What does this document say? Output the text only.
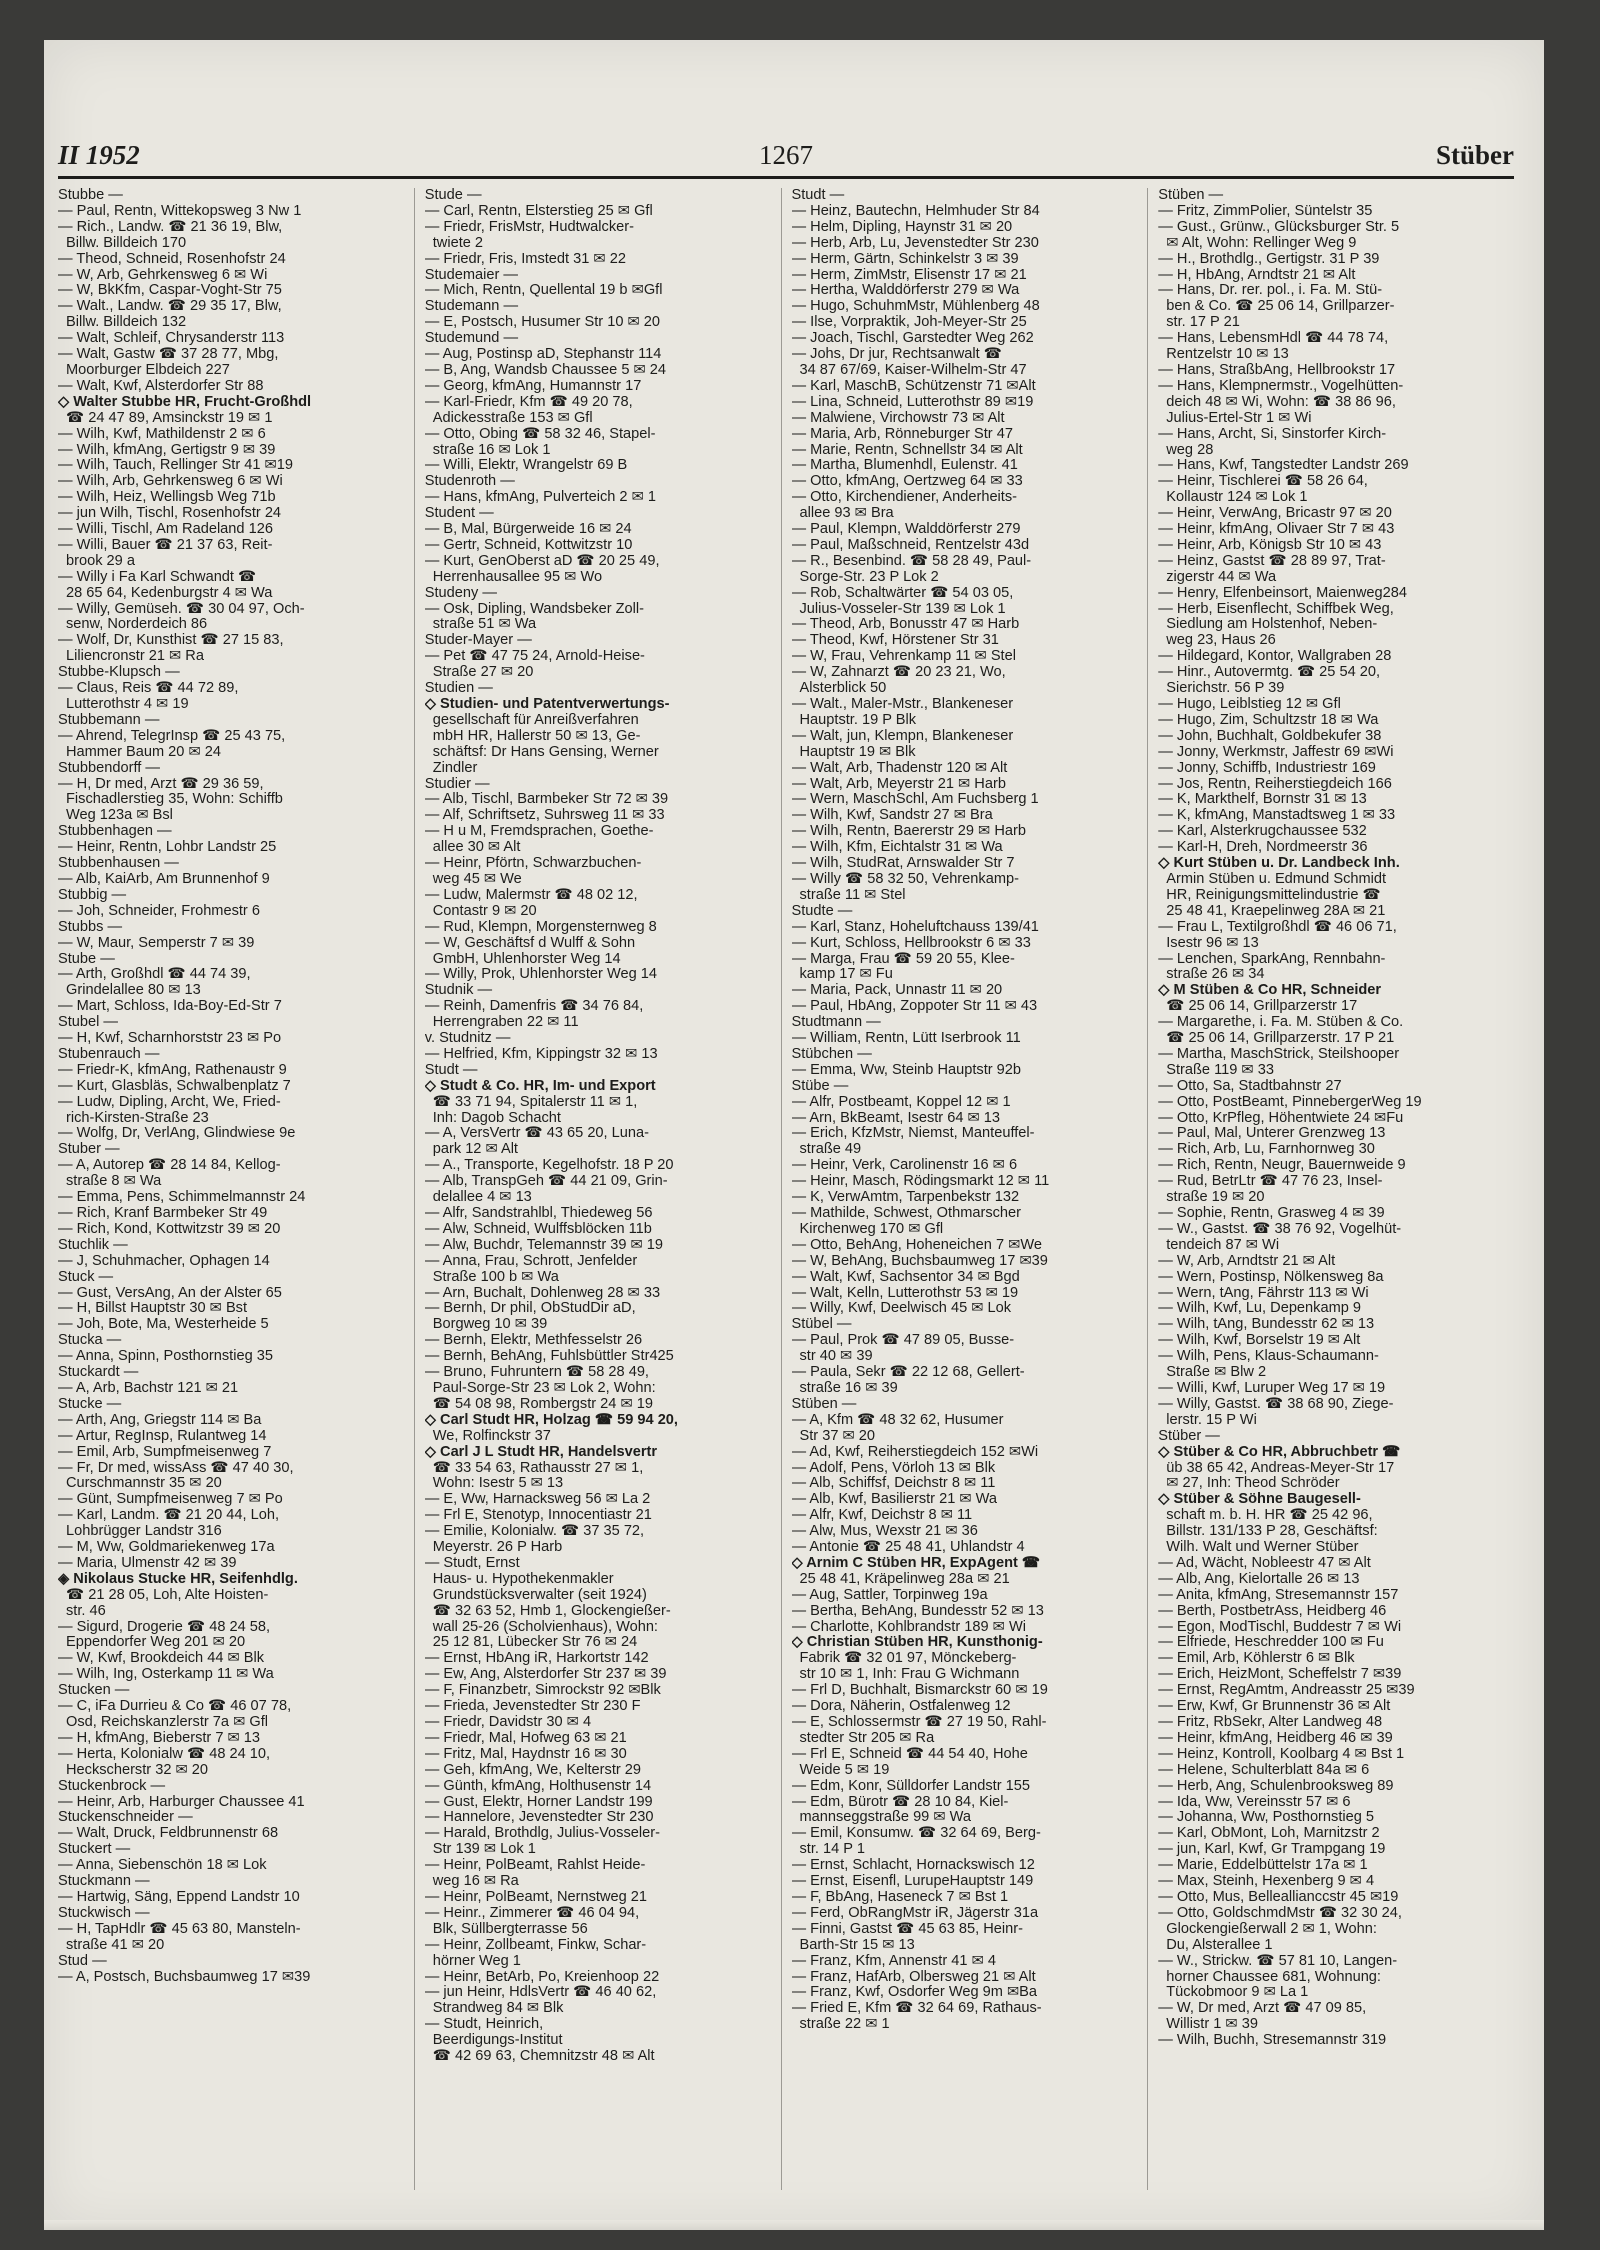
II 1952	1267	Stüber
Stubbe —
— Paul, Rentn, Wittekopsweg 3 Nw 1
— Rich., Landw. ☎ 21 36 19, Blw,
Billw. Billdeich 170
— Theod, Schneid, Rosenhofstr 24
— W, Arb, Gehrkensweg 6 ✉ Wi
— W, BkKfm, Caspar-Voght-Str 75
— Walt., Landw. ☎ 29 35 17, Blw,
Billw. Billdeich 132
— Walt, Schleif, Chrysanderstr 113
— Walt, Gastw ☎ 37 28 77, Mbg,
Moorburger Elbdeich 227
— Walt, Kwf, Alsterdorfer Str 88
◇ Walter Stubbe HR, Frucht-Großhdl
☎ 24 47 89, Amsinckstr 19 ✉ 1
— Wilh, Kwf, Mathildenstr 2 ✉ 6
— Wilh, kfmAng, Gertigstr 9 ✉ 39
— Wilh, Tauch, Rellinger Str 41 ✉19
— Wilh, Arb, Gehrkensweg 6 ✉ Wi
— Wilh, Heiz, Wellingsb Weg 71b
— jun Wilh, Tischl, Rosenhofstr 24
— Willi, Tischl, Am Radeland 126
— Willi, Bauer ☎ 21 37 63, Reit-
brook 29 a
— Willy i Fa Karl Schwandt ☎
28 65 64, Kedenburgstr 4 ✉ Wa
— Willy, Gemüseh. ☎ 30 04 97, Och-
senw, Norderdeich 86
— Wolf, Dr, Kunsthist ☎ 27 15 83,
Liliencronstr 21 ✉ Ra
Stubbe-Klupsch —
— Claus, Reis ☎ 44 72 89,
Lutterothstr 4 ✉ 19
Stubbemann —
— Ahrend, TelegrInsp ☎ 25 43 75,
Hammer Baum 20 ✉ 24
Stubbendorff —
— H, Dr med, Arzt ☎ 29 36 59,
Fischadlerstieg 35, Wohn: Schiffb
Weg 123a ✉ Bsl
Stubbenhagen —
— Heinr, Rentn, Lohbr Landstr 25
Stubbenhausen —
— Alb, KaiArb, Am Brunnenhof 9
Stubbig —
— Joh, Schneider, Frohmestr 6
Stubbs —
— W, Maur, Semperstr 7 ✉ 39
Stube —
— Arth, Großhdl ☎ 44 74 39,
Grindelallee 80 ✉ 13
— Mart, Schloss, Ida-Boy-Ed-Str 7
Stubel —
— H, Kwf, Scharnhorststr 23 ✉ Po
Stubenrauch —
— Friedr-K, kfmAng, Rathenaustr 9
— Kurt, Glasbläs, Schwalbenplatz 7
— Ludw, Dipling, Archt, We, Fried-
rich-Kirsten-Straße 23
— Wolfg, Dr, VerlAng, Glindwiese 9e
Stuber —
— A, Autorep ☎ 28 14 84, Kellog-
straße 8 ✉ Wa
— Emma, Pens, Schimmelmannstr 24
— Rich, Kranf Barmbeker Str 49
— Rich, Kond, Kottwitzstr 39 ✉ 20
Stuchlik —
— J, Schuhmacher, Ophagen 14
Stuck —
— Gust, VersAng, An der Alster 65
— H, Billst Hauptstr 30 ✉ Bst
— Joh, Bote, Ma, Westerheide 5
Stucka —
— Anna, Spinn, Posthornstieg 35
Stuckardt —
— A, Arb, Bachstr 121 ✉ 21
Stucke —
— Arth, Ang, Griegstr 114 ✉ Ba
— Artur, RegInsp, Rulantweg 14
— Emil, Arb, Sumpfmeisenweg 7
— Fr, Dr med, wissAss ☎ 47 40 30,
Curschmannstr 35 ✉ 20
— Günt, Sumpfmeisenweg 7 ✉ Po
— Karl, Landm. ☎ 21 20 44, Loh,
Lohbrügger Landstr 316
— M, Ww, Goldmariekenweg 17a
— Maria, Ulmenstr 42 ✉ 39
◈ Nikolaus Stucke HR, Seifenhdlg.
☎ 21 28 05, Loh, Alte Hoisten-
str. 46
— Sigurd, Drogerie ☎ 48 24 58,
Eppendorfer Weg 201 ✉ 20
— W, Kwf, Brookdeich 44 ✉ Blk
— Wilh, Ing, Osterkamp 11 ✉ Wa
Stucken —
— C, iFa Durrieu & Co ☎ 46 07 78,
Osd, Reichskanzlerstr 7a ✉ Gfl
— H, kfmAng, Bieberstr 7 ✉ 13
— Herta, Kolonialw ☎ 48 24 10,
Heckscherstr 32 ✉ 20
Stuckenbrock —
— Heinr, Arb, Harburger Chaussee 41
Stuckenschneider —
— Walt, Druck, Feldbrunnenstr 68
Stuckert —
— Anna, Siebenschön 18 ✉ Lok
Stuckmann —
— Hartwig, Säng, Eppend Landstr 10
Stuckwisch —
— H, TapHdlr ☎ 45 63 80, Mansteln-
straße 41 ✉ 20
Stud —
— A, Postsch, Buchsbaumweg 17 ✉39
Stude —
— Carl, Rentn, Elsterstieg 25 ✉ Gfl
— Friedr, FrisMstr, Hudtwalcker-
twiete 2
— Friedr, Fris, Imstedt 31 ✉ 22
Studemaier —
— Mich, Rentn, Quellental 19 b ✉Gfl
Studemann —
— E, Postsch, Husumer Str 10 ✉ 20
Studemund —
— Aug, Postinsp aD, Stephanstr 114
— B, Ang, Wandsb Chaussee 5 ✉ 24
— Georg, kfmAng, Humannstr 17
— Karl-Friedr, Kfm ☎ 49 20 78,
Adickesstraße 153 ✉ Gfl
— Otto, Obing ☎ 58 32 46, Stapel-
straße 16 ✉ Lok 1
— Willi, Elektr, Wrangelstr 69 B
Studenroth —
— Hans, kfmAng, Pulverteich 2 ✉ 1
Student —
— B, Mal, Bürgerweide 16 ✉ 24
— Gertr, Schneid, Kottwitzstr 10
— Kurt, GenOberst aD ☎ 20 25 49,
Herrenhausallee 95 ✉ Wo
Studeny —
— Osk, Dipling, Wandsbeker Zoll-
straße 51 ✉ Wa
Studer-Mayer —
— Pet ☎ 47 75 24, Arnold-Heise-
Straße 27 ✉ 20
Studien —
◇ Studien- und Patentverwertungs-
gesellschaft für Anreißverfahren
mbH HR, Hallerstr 50 ✉ 13, Ge-
schäftsf: Dr Hans Gensing, Werner
Zindler
Studier —
— Alb, Tischl, Barmbeker Str 72 ✉ 39
— Alf, Schriftsetz, Suhrsweg 11 ✉ 33
— H u M, Fremdsprachen, Goethe-
allee 30 ✉ Alt
— Heinr, Pförtn, Schwarzbuchen-
weg 45 ✉ We
— Ludw, Malermstr ☎ 48 02 12,
Contastr 9 ✉ 20
— Rud, Klempn, Morgensternweg 8
— W, Geschäftsf d Wulff & Sohn
GmbH, Uhlenhorster Weg 14
— Willy, Prok, Uhlenhorster Weg 14
Studnik —
— Reinh, Damenfris ☎ 34 76 84,
Herrengraben 22 ✉ 11
v. Studnitz —
— Helfried, Kfm, Kippingstr 32 ✉ 13
Studt —
◇ Studt & Co. HR, Im- und Export
☎ 33 71 94, Spitalerstr 11 ✉ 1,
Inh: Dagob Schacht
— A, VersVertr ☎ 43 65 20, Luna-
park 12 ✉ Alt
— A., Transporte, Kegelhofstr. 18 P 20
— Alb, TranspGeh ☎ 44 21 09, Grin-
delallee 4 ✉ 13
— Alfr, Sandstrahlbl, Thiedeweg 56
— Alw, Schneid, Wulffsblöcken 11b
— Alw, Buchdr, Telemannstr 39 ✉ 19
— Anna, Frau, Schrott, Jenfelder
Straße 100 b ✉ Wa
— Arn, Buchalt, Dohlenweg 28 ✉ 33
— Bernh, Dr phil, ObStudDir aD,
Borgweg 10 ✉ 39
— Bernh, Elektr, Methfesselstr 26
— Bernh, BehAng, Fuhlsbüttler Str425
— Bruno, Fuhruntern ☎ 58 28 49,
Paul-Sorge-Str 23 ✉ Lok 2, Wohn:
☎ 54 08 98, Rombergstr 24 ✉ 19
◇ Carl Studt HR, Holzag ☎ 59 94 20,
We, Rolfinckstr 37
◇ Carl J L Studt HR, Handelsvertr
☎ 33 54 63, Rathausstr 27 ✉ 1,
Wohn: Isestr 5 ✉ 13
— E, Ww, Harnacksweg 56 ✉ La 2
— Frl E, Stenotyp, Innocentiastr 21
— Emilie, Kolonialw. ☎ 37 35 72,
Meyerstr. 26 P Harb
— Studt, Ernst
Haus- u. Hypothekenmakler
Grundstücksverwalter (seit 1924)
☎ 32 63 52, Hmb 1, Glockengießer-
wall 25-26 (Scholvienhaus), Wohn:
25 12 81, Lübecker Str 76 ✉ 24
— Ernst, HbAng iR, Harkortstr 142
— Ew, Ang, Alsterdorfer Str 237 ✉ 39
— F, Finanzbetr, Simrockstr 92 ✉Blk
— Frieda, Jevenstedter Str 230 F
— Friedr, Davidstr 30 ✉ 4
— Friedr, Mal, Hofweg 63 ✉ 21
— Fritz, Mal, Haydnstr 16 ✉ 30
— Geh, kfmAng, We, Kelterstr 29
— Günth, kfmAng, Holthusenstr 14
— Gust, Elektr, Horner Landstr 199
— Hannelore, Jevenstedter Str 230
— Harald, Brothdlg, Julius-Vosseler-
Str 139 ✉ Lok 1
— Heinr, PolBeamt, Rahlst Heide-
weg 16 ✉ Ra
— Heinr, PolBeamt, Nernstweg 21
— Heinr., Zimmerer ☎ 46 04 94,
Blk, Süllbergterrasse 56
— Heinr, Zollbeamt, Finkw, Schar-
hörner Weg 1
— Heinr, BetArb, Po, Kreienhoop 22
— jun Heinr, HdlsVertr ☎ 46 40 62,
Strandweg 84 ✉ Blk
— Studt, Heinrich,
Beerdigungs-Institut
☎ 42 69 63, Chemnitzstr 48 ✉ Alt
Studt —
— Heinz, Bautechn, Helmhuder Str 84
— Helm, Dipling, Haynstr 31 ✉ 20
— Herb, Arb, Lu, Jevenstedter Str 230
— Herm, Gärtn, Schinkelstr 3 ✉ 39
— Herm, ZimMstr, Elisenstr 17 ✉ 21
— Hertha, Walddörferstr 279 ✉ Wa
— Hugo, SchuhmMstr, Mühlenberg 48
— Ilse, Vorpraktik, Joh-Meyer-Str 25
— Joach, Tischl, Garstedter Weg 262
— Johs, Dr jur, Rechtsanwalt ☎
34 87 67/69, Kaiser-Wilhelm-Str 47
— Karl, MaschB, Schützenstr 71 ✉Alt
— Lina, Schneid, Lutterothstr 89 ✉19
— Malwiene, Virchowstr 73 ✉ Alt
— Maria, Arb, Rönneburger Str 47
— Marie, Rentn, Schnellstr 34 ✉ Alt
— Martha, Blumenhdl, Eulenstr. 41
— Otto, kfmAng, Oertzweg 64 ✉ 33
— Otto, Kirchendiener, Anderheits-
allee 93 ✉ Bra
— Paul, Klempn, Walddörferstr 279
— Paul, Maßschneid, Rentzelstr 43d
— R., Besenbind. ☎ 58 28 49, Paul-
Sorge-Str. 23 P Lok 2
— Rob, Schaltwärter ☎ 54 03 05,
Julius-Vosseler-Str 139 ✉ Lok 1
— Theod, Arb, Bonusstr 47 ✉ Harb
— Theod, Kwf, Hörstener Str 31
— W, Frau, Vehrenkamp 11 ✉ Stel
— W, Zahnarzt ☎ 20 23 21, Wo,
Alsterblick 50
— Walt., Maler-Mstr., Blankeneser
Hauptstr. 19 P Blk
— Walt, jun, Klempn, Blankeneser
Hauptstr 19 ✉ Blk
— Walt, Arb, Thadenstr 120 ✉ Alt
— Walt, Arb, Meyerstr 21 ✉ Harb
— Wern, MaschSchl, Am Fuchsberg 1
— Wilh, Kwf, Sandstr 27 ✉ Bra
— Wilh, Rentn, Baererstr 29 ✉ Harb
— Wilh, Kfm, Eichtalstr 31 ✉ Wa
— Wilh, StudRat, Arnswalder Str 7
— Willy ☎ 58 32 50, Vehrenkamp-
straße 11 ✉ Stel
Studte —
— Karl, Stanz, Hoheluftchauss 139/41
— Kurt, Schloss, Hellbrookstr 6 ✉ 33
— Marga, Frau ☎ 59 20 55, Klee-
kamp 17 ✉ Fu
— Maria, Pack, Unnastr 11 ✉ 20
— Paul, HbAng, Zoppoter Str 11 ✉ 43
Studtmann —
— William, Rentn, Lütt Iserbrook 11
Stübchen —
— Emma, Ww, Steinb Hauptstr 92b
Stübe —
— Alfr, Postbeamt, Koppel 12 ✉ 1
— Arn, BkBeamt, Isestr 64 ✉ 13
— Erich, KfzMstr, Niemst, Manteuffel-
straße 49
— Heinr, Verk, Carolinenstr 16 ✉ 6
— Heinr, Masch, Rödingsmarkt 12 ✉ 11
— K, VerwAmtm, Tarpenbekstr 132
— Mathilde, Schwest, Othmarscher
Kirchenweg 170 ✉ Gfl
— Otto, BehAng, Hoheneichen 7 ✉We
— W, BehAng, Buchsbaumweg 17 ✉39
— Walt, Kwf, Sachsentor 34 ✉ Bgd
— Walt, Kelln, Lutterothstr 53 ✉ 19
— Willy, Kwf, Deelwisch 45 ✉ Lok
Stübel —
— Paul, Prok ☎ 47 89 05, Busse-
str 40 ✉ 39
— Paula, Sekr ☎ 22 12 68, Gellert-
straße 16 ✉ 39
Stüben —
— A, Kfm ☎ 48 32 62, Husumer
Str 37 ✉ 20
— Ad, Kwf, Reiherstiegdeich 152 ✉Wi
— Adolf, Pens, Vörloh 13 ✉ Blk
— Alb, Schiffsf, Deichstr 8 ✉ 11
— Alb, Kwf, Basilierstr 21 ✉ Wa
— Alfr, Kwf, Deichstr 8 ✉ 11
— Alw, Mus, Wexstr 21 ✉ 36
— Antonie ☎ 25 48 41, Uhlandstr 4
◇ Arnim C Stüben HR, ExpAgent ☎
25 48 41, Kräpelinweg 28a ✉ 21
— Aug, Sattler, Torpinweg 19a
— Bertha, BehAng, Bundesstr 52 ✉ 13
— Charlotte, Kohlbrandstr 189 ✉ Wi
◇ Christian Stüben HR, Kunsthonig-
Fabrik ☎ 32 01 97, Mönckeberg-
str 10 ✉ 1, Inh: Frau G Wichmann
— Frl D, Buchhalt, Bismarckstr 60 ✉ 19
— Dora, Näherin, Ostfalenweg 12
— E, Schlossermstr ☎ 27 19 50, Rahl-
stedter Str 205 ✉ Ra
— Frl E, Schneid ☎ 44 54 40, Hohe
Weide 5 ✉ 19
— Edm, Konr, Sülldorfer Landstr 155
— Edm, Bürotr ☎ 28 10 84, Kiel-
mannseggstraße 99 ✉ Wa
— Emil, Konsumw. ☎ 32 64 69, Berg-
str. 14 P 1
— Ernst, Schlacht, Hornackswisch 12
— Ernst, Eisenfl, LurupeHauptstr 149
— F, BbAng, Haseneck 7 ✉ Bst 1
— Ferd, ObRangMstr iR, Jägerstr 31a
— Finni, Gastst ☎ 45 63 85, Heinr-
Barth-Str 15 ✉ 13
— Franz, Kfm, Annenstr 41 ✉ 4
— Franz, HafArb, Olbersweg 21 ✉ Alt
— Franz, Kwf, Osdorfer Weg 9m ✉Ba
— Fried E, Kfm ☎ 32 64 69, Rathaus-
straße 22 ✉ 1
Stüben —
— Fritz, ZimmPolier, Süntelstr 35
— Gust., Grünw., Glücksburger Str. 5
✉ Alt, Wohn: Rellinger Weg 9
— H., Brothdlg., Gertigstr. 31 P 39
— H, HbAng, Arndtstr 21 ✉ Alt
— Hans, Dr. rer. pol., i. Fa. M. Stü-
ben & Co. ☎ 25 06 14, Grillparzer-
str. 17 P 21
— Hans, LebensmHdl ☎ 44 78 74,
Rentzelstr 10 ✉ 13
— Hans, StraßbAng, Hellbrookstr 17
— Hans, Klempnermstr., Vogelhütten-
deich 48 ✉ Wi, Wohn: ☎ 38 86 96,
Julius-Ertel-Str 1 ✉ Wi
— Hans, Archt, Si, Sinstorfer Kirch-
weg 28
— Hans, Kwf, Tangstedter Landstr 269
— Heinr, Tischlerei ☎ 58 26 64,
Kollaustr 124 ✉ Lok 1
— Heinr, VerwAng, Bricastr 97 ✉ 20
— Heinr, kfmAng, Olivaer Str 7 ✉ 43
— Heinr, Arb, Königsb Str 10 ✉ 43
— Heinz, Gastst ☎ 28 89 97, Trat-
zigerstr 44 ✉ Wa
— Henry, Elfenbeinsort, Maienweg284
— Herb, Eisenflecht, Schiffbek Weg,
Siedlung am Holstenhof, Neben-
weg 23, Haus 26
— Hildegard, Kontor, Wallgraben 28
— Hinr., Autovermtg. ☎ 25 54 20,
Sierichstr. 56 P 39
— Hugo, Leiblstieg 12 ✉ Gfl
— Hugo, Zim, Schultzstr 18 ✉ Wa
— John, Buchhalt, Goldbekufer 38
— Jonny, Werkmstr, Jaffestr 69 ✉Wi
— Jonny, Schiffb, Industriestr 169
— Jos, Rentn, Reiherstiegdeich 166
— K, Markthelf, Bornstr 31 ✉ 13
— K, kfmAng, Manstadtsweg 1 ✉ 33
— Karl, Alsterkrugchaussee 532
— Karl-H, Dreh, Nordmeerstr 36
◇ Kurt Stüben u. Dr. Landbeck Inh.
Armin Stüben u. Edmund Schmidt
HR, Reinigungsmittelindustrie ☎
25 48 41, Kraepelinweg 28A ✉ 21
— Frau L, Textilgroßhdl ☎ 46 06 71,
Isestr 96 ✉ 13
— Lenchen, SparkAng, Rennbahn-
straße 26 ✉ 34
◇ M Stüben & Co HR, Schneider
☎ 25 06 14, Grillparzerstr 17
— Margarethe, i. Fa. M. Stüben & Co.
☎ 25 06 14, Grillparzerstr. 17 P 21
— Martha, MaschStrick, Steilshooper
Straße 119 ✉ 33
— Otto, Sa, Stadtbahnstr 27
— Otto, PostBeamt, PinnebergerWeg 19
— Otto, KrPfleg, Höhentwiete 24 ✉Fu
— Paul, Mal, Unterer Grenzweg 13
— Rich, Arb, Lu, Farnhornweg 30
— Rich, Rentn, Neugr, Bauernweide 9
— Rud, BetrLtr ☎ 47 76 23, Insel-
straße 19 ✉ 20
— Sophie, Rentn, Grasweg 4 ✉ 39
— W., Gastst. ☎ 38 76 92, Vogelhüt-
tendeich 87 ✉ Wi
— W, Arb, Arndtstr 21 ✉ Alt
— Wern, Postinsp, Nölkensweg 8a
— Wern, tAng, Fährstr 113 ✉ Wi
— Wilh, Kwf, Lu, Depenkamp 9
— Wilh, tAng, Bundesstr 62 ✉ 13
— Wilh, Kwf, Borselstr 19 ✉ Alt
— Wilh, Pens, Klaus-Schaumann-
Straße ✉ Blw 2
— Willi, Kwf, Luruper Weg 17 ✉ 19
— Willy, Gastst. ☎ 38 68 90, Ziege-
lerstr. 15 P Wi
Stüber —
◇ Stüber & Co HR, Abbruchbetr ☎
üb 38 65 42, Andreas-Meyer-Str 17
✉ 27, Inh: Theod Schröder
◇ Stüber & Söhne Baugesell-
schaft m. b. H. HR ☎ 25 42 96,
Billstr. 131/133 P 28, Geschäftsf:
Wilh. Walt und Werner Stüber
— Ad, Wächt, Nobleestr 47 ✉ Alt
— Alb, Ang, Kielortalle 26 ✉ 13
— Anita, kfmAng, Stresemannstr 157
— Berth, PostbetrAss, Heidberg 46
— Egon, ModTischl, Buddestr 7 ✉ Wi
— Elfriede, Heschredder 100 ✉ Fu
— Emil, Arb, Köhlerstr 6 ✉ Blk
— Erich, HeizMont, Scheffelstr 7 ✉39
— Ernst, RegAmtm, Andreasstr 25 ✉39
— Erw, Kwf, Gr Brunnenstr 36 ✉ Alt
— Fritz, RbSekr, Alter Landweg 48
— Heinr, kfmAng, Heidberg 46 ✉ 39
— Heinz, Kontroll, Koolbarg 4 ✉ Bst 1
— Helene, Schulterblatt 84a ✉ 6
— Herb, Ang, Schulenbrooksweg 89
— Ida, Ww, Vereinsstr 57 ✉ 6
— Johanna, Ww, Posthornstieg 5
— Karl, ObMont, Loh, Marnitzstr 2
— jun, Karl, Kwf, Gr Trampgang 19
— Marie, Eddelbüttelstr 17a ✉ 1
— Max, Steinh, Hexenberg 9 ✉ 4
— Otto, Mus, Belleallianccstr 45 ✉19
— Otto, GoldschmdMstr ☎ 32 30 24,
Glockengießerwall 2 ✉ 1, Wohn:
Du, Alsterallee 1
— W., Strickw. ☎ 57 81 10, Langen-
horner Chaussee 681, Wohnung:
Tückobmoor 9 ✉ La 1
— W, Dr med, Arzt ☎ 47 09 85,
Willistr 1 ✉ 39
— Wilh, Buchh, Stresemannstr 319
